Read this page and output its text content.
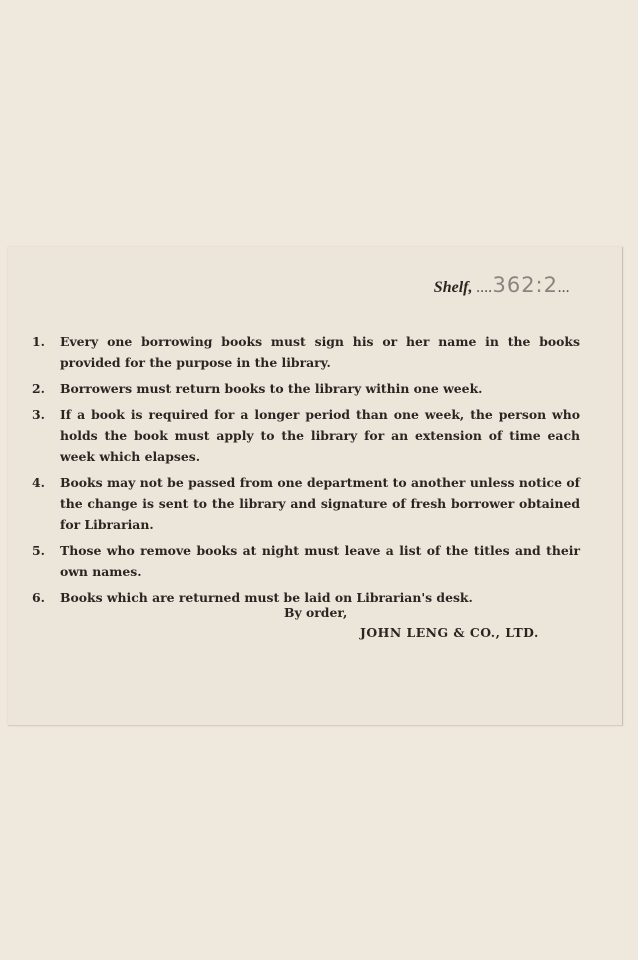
Shelf, ....362:2...
1.	Every one borrowing books must sign his or her name in the books provided for the purpose in the library.
2.	Borrowers must return books to the library within one week.
3.	If a book is required for a longer period than one week, the person who holds the book must apply to the library for an extension of time each week which elapses.
4.	Books may not be passed from one department to another unless notice of the change is sent to the library and signature of fresh borrower obtained for Librarian.
5.	Those who remove books at night must leave a list of the titles and their own names.
6.	Books which are returned must be laid on Librarian's desk.
By order,
JOHN LENG & CO., LTD.
